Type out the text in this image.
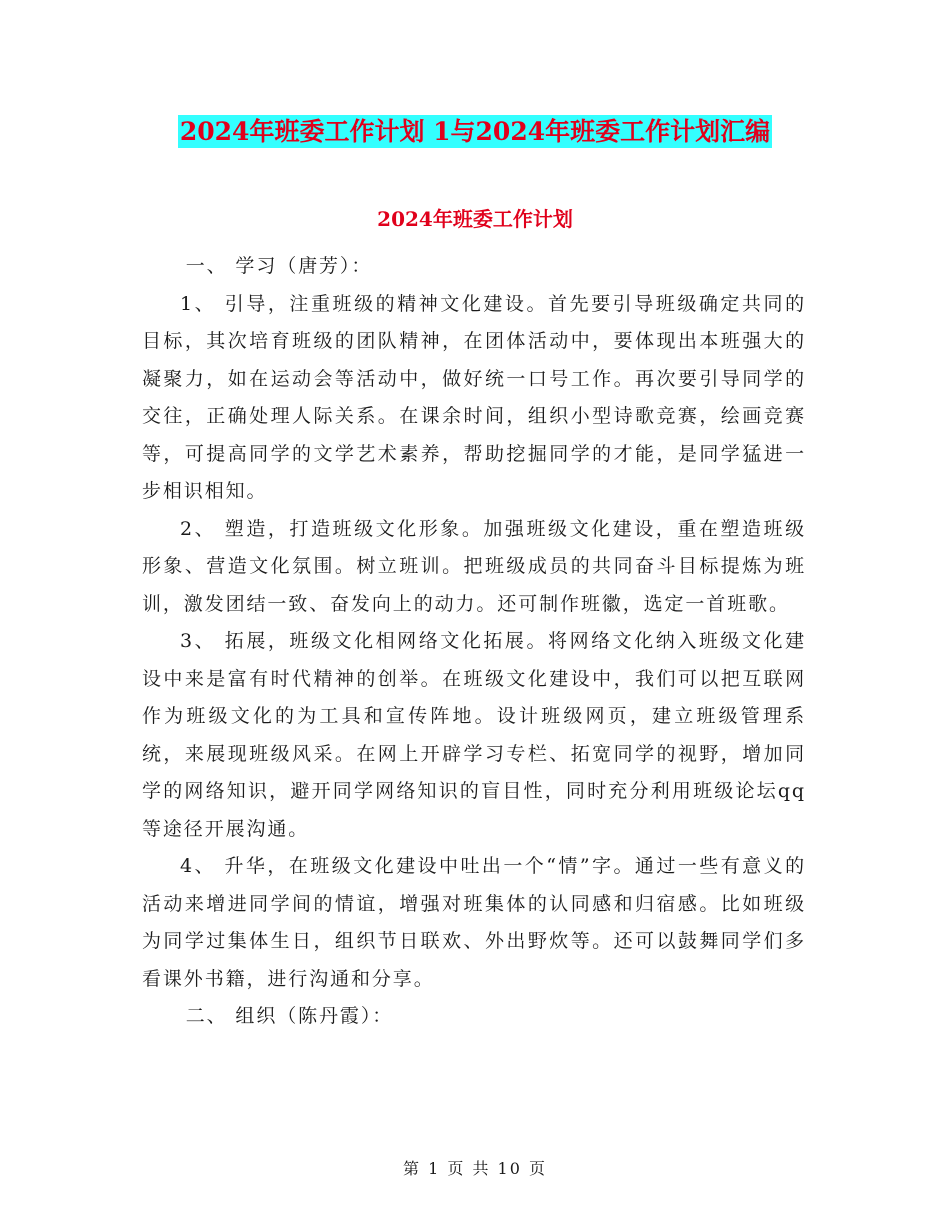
2024年班委工作计划 1与2024年班委工作计划汇编
2024年班委工作计划

一、 学习（唐芳）：

1、 引导，注重班级的精神文化建设。首先要引导班级确定共同的目标，其次培育班级的团队精神，在团体活动中，要体现出本班强大的凝聚力，如在运动会等活动中，做好统一口号工作。再次要引导同学的交往，正确处理人际关系。在课余时间，组织小型诗歌竞赛，绘画竞赛等，可提高同学的文学艺术素养，帮助挖掘同学的才能，是同学猛进一步相识相知。

2、 塑造，打造班级文化形象。加强班级文化建设，重在塑造班级形象、营造文化氛围。树立班训。把班级成员的共同奋斗目标提炼为班训，激发团结一致、奋发向上的动力。还可制作班徽，选定一首班歌。

3、 拓展，班级文化相网络文化拓展。将网络文化纳入班级文化建设中来是富有时代精神的创举。在班级文化建设中，我们可以把互联网作为班级文化的为工具和宣传阵地。设计班级网页，建立班级管理系统，来展现班级风采。在网上开辟学习专栏、拓宽同学的视野，增加同学的网络知识，避开同学网络知识的盲目性，同时充分利用班级论坛qq等途径开展沟通。

4、 升华，在班级文化建设中吐出一个“情”字。通过一些有意义的活动来增进同学间的情谊，增强对班集体的认同感和归宿感。比如班级为同学过集体生日，组织节日联欢、外出野炊等。还可以鼓舞同学们多看课外书籍，进行沟通和分享。

二、 组织（陈丹霞）：

第 1 页 共 10 页
